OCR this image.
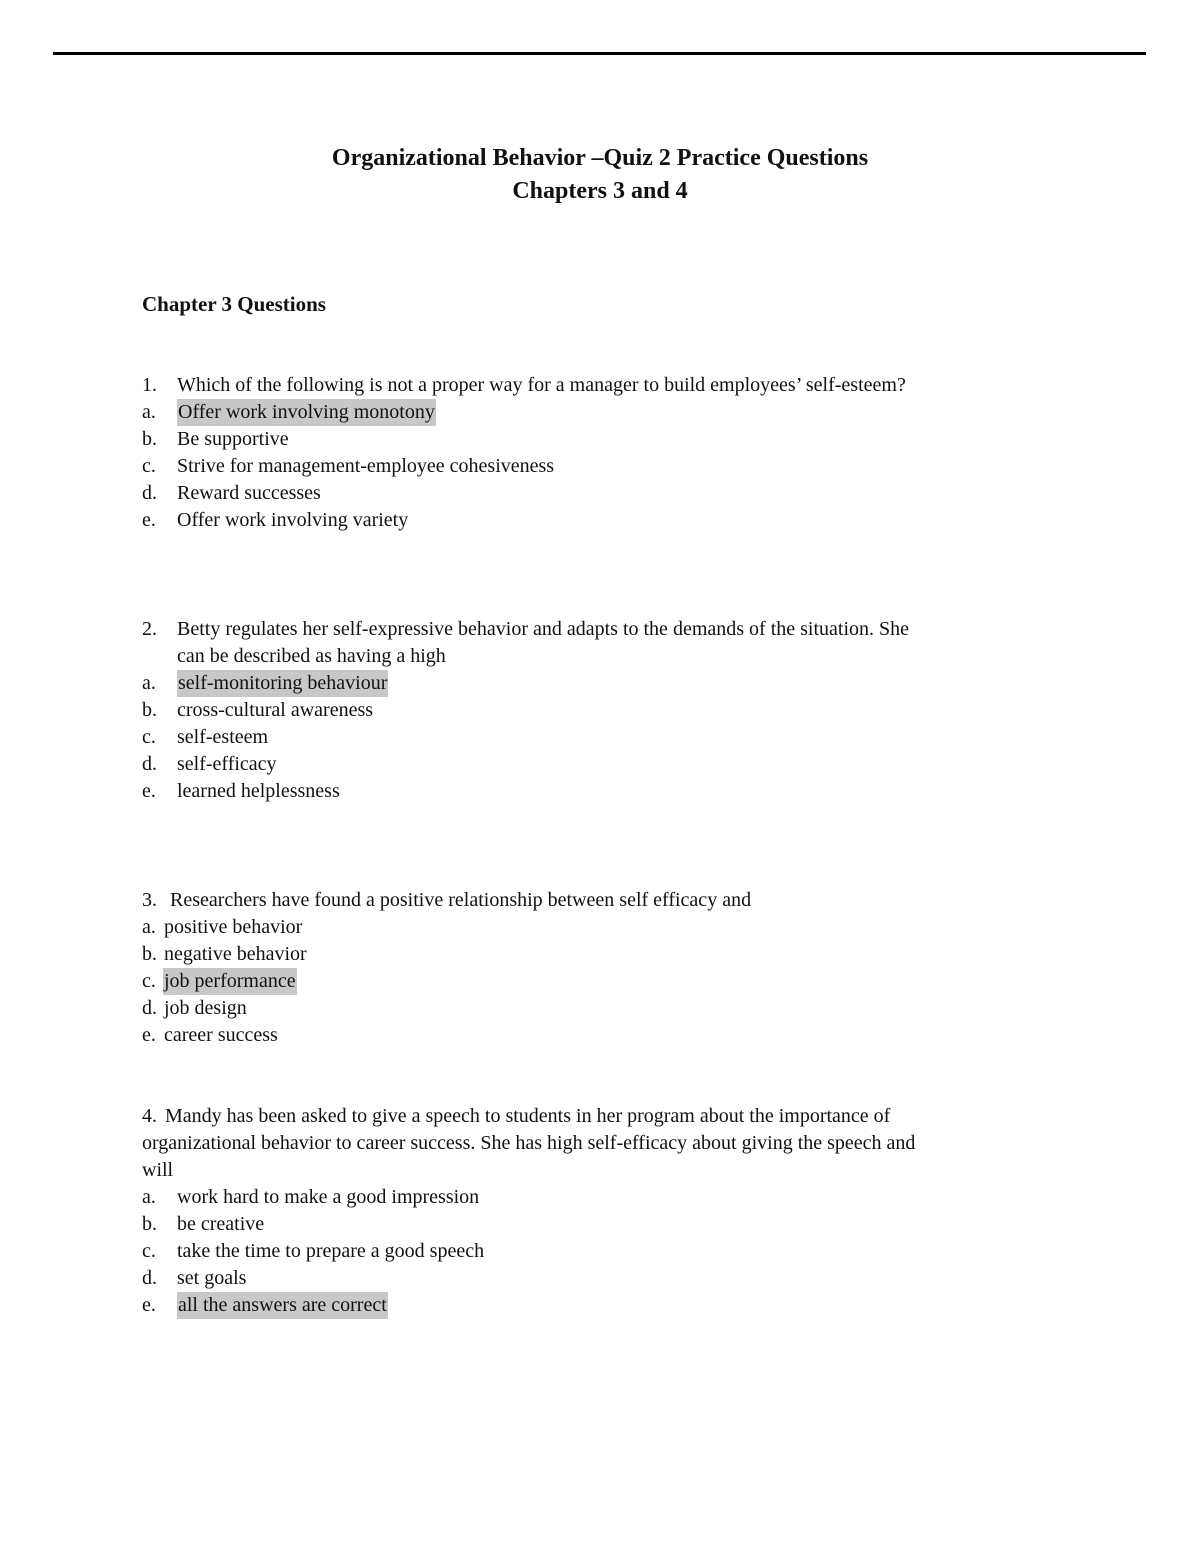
Organizational Behavior –Quiz 2 Practice Questions
Chapters 3 and 4
Chapter 3 Questions
1. Which of the following is not a proper way for a manager to build employees’ self-esteem?
a. Offer work involving monotony
b. Be supportive
c. Strive for management-employee cohesiveness
d. Reward successes
e. Offer work involving variety
2. Betty regulates her self-expressive behavior and adapts to the demands of the situation. She
can be described as having a high
a. self-monitoring behaviour
b. cross-cultural awareness
c. self-esteem
d. self-efficacy
e. learned helplessness
3. Researchers have found a positive relationship between self efficacy and
a. positive behavior
b. negative behavior
c. job performance
d. job design
e. career success
4. Mandy has been asked to give a speech to students in her program about the importance of
organizational behavior to career success. She has high self-efficacy about giving the speech and
will
a. work hard to make a good impression
b. be creative
c. take the time to prepare a good speech
d. set goals
e. all the answers are correct
